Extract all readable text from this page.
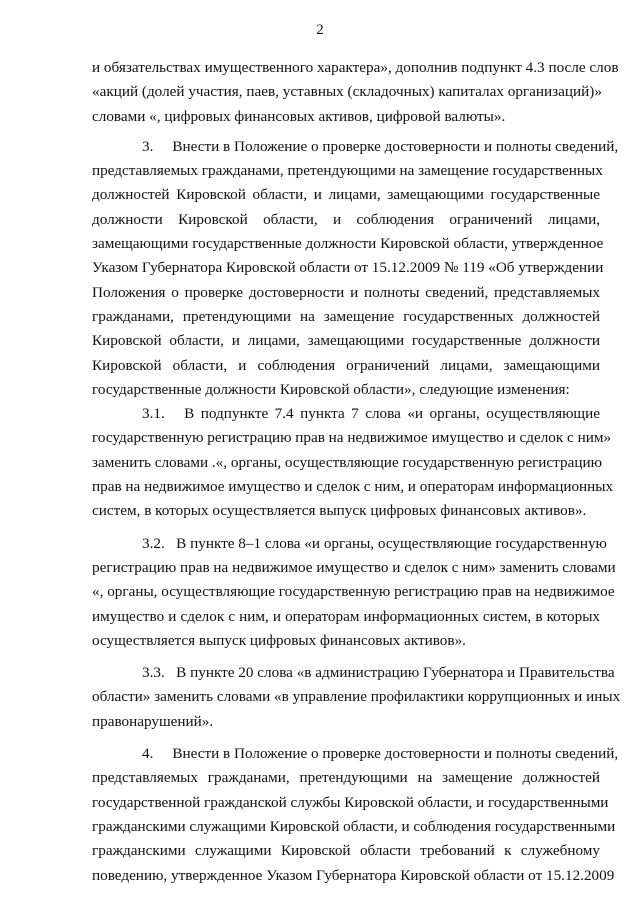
2
и обязательствах имущественного характера», дополнив подпункт 4.3 после слов
«акций (долей участия, паев, уставных (складочных) капиталах организаций)»
словами «, цифровых финансовых активов, цифровой валюты».
3.     Внести в Положение о проверке достоверности и полноты сведений,
представляемых гражданами, претендующими на замещение государственных
должностей Кировской области, и лицами, замещающими государственные
должности Кировской области, и соблюдения ограничений лицами,
замещающими государственные должности Кировской области, утвержденное
Указом Губернатора Кировской области от 15.12.2009 № 119 «Об утверждении
Положения о проверке достоверности и полноты сведений, представляемых
гражданами, претендующими на замещение государственных должностей
Кировской области, и лицами, замещающими государственные должности
Кировской области, и соблюдения ограничений лицами, замещающими
государственные должности Кировской области», следующие изменения:
3.1.   В подпункте 7.4 пункта 7 слова «и органы, осуществляющие
государственную регистрацию прав на недвижимое имущество и сделок с ним»
заменить словами .«, органы, осуществляющие государственную регистрацию
прав на недвижимое имущество и сделок с ним, и операторам информационных
систем, в которых осуществляется выпуск цифровых финансовых активов».
3.2.   В пункте 8–1 слова «и органы, осуществляющие государственную
регистрацию прав на недвижимое имущество и сделок с ним» заменить словами
«, органы, осуществляющие государственную регистрацию прав на недвижимое
имущество и сделок с ним, и операторам информационных систем, в которых
осуществляется выпуск цифровых финансовых активов».
3.3.   В пункте 20 слова «в администрацию Губернатора и Правительства
области» заменить словами «в управление профилактики коррупционных и иных
правонарушений».
4.     Внести в Положение о проверке достоверности и полноты сведений,
представляемых гражданами, претендующими на замещение должностей
государственной гражданской службы Кировской области, и государственными
гражданскими служащими Кировской области, и соблюдения государственными
гражданскими служащими Кировской области требований к служебному
поведению, утвержденное Указом Губернатора Кировской области от 15.12.2009
